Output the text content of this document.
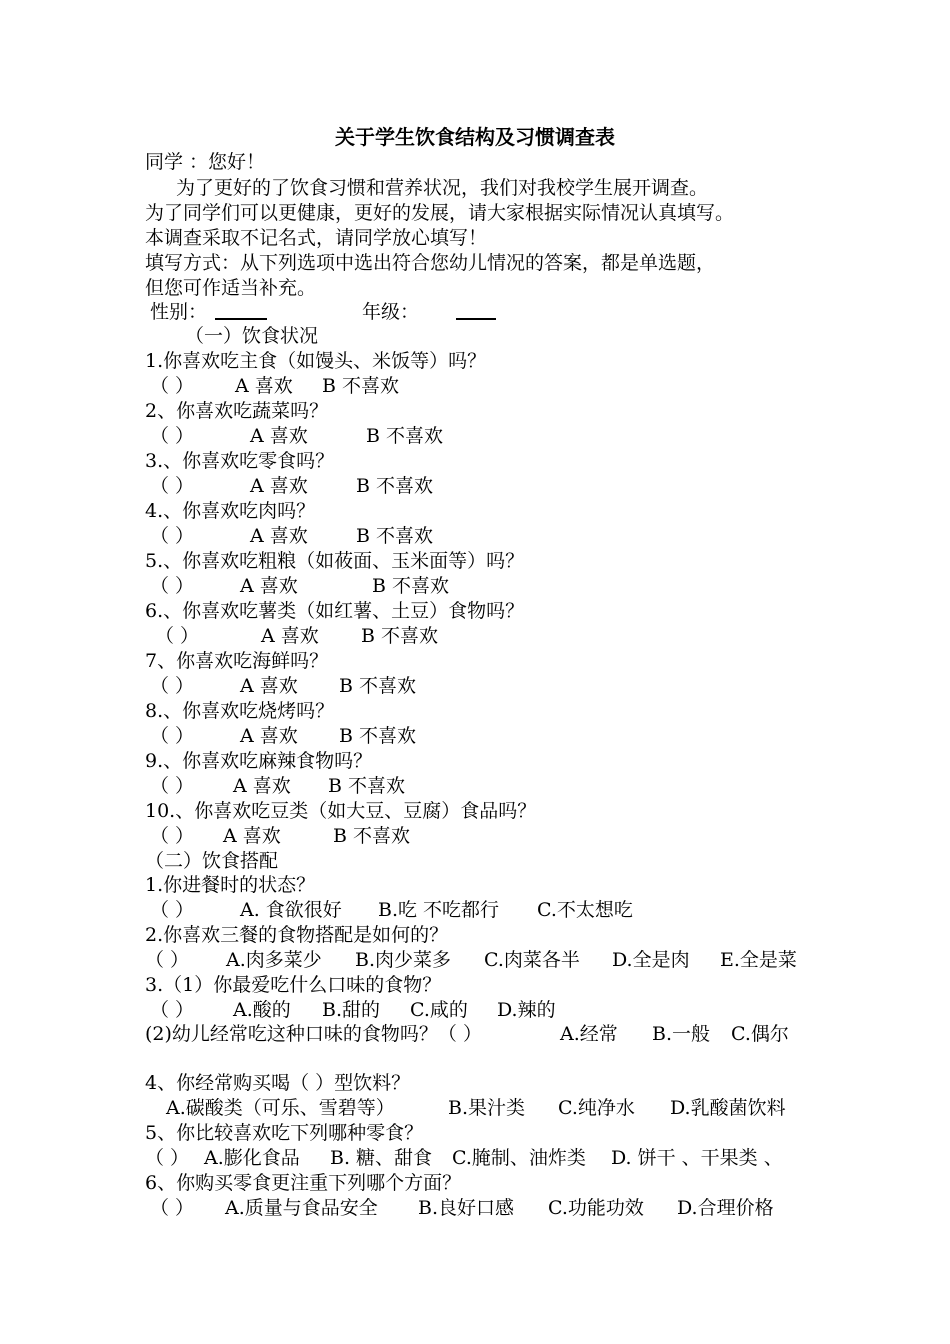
关于学生饮食结构及习惯调查表
同学 ：您好！
为了更好的了饮食习惯和营养状况，我们对我校学生展开调查。
为了同学们可以更健康，更好的发展，请大家根据实际情况认真填写。
本调查采取不记名式，请同学放心填写！
填写方式：从下列选项中选出符合您幼儿情况的答案，都是单选题，
但您可作适当补充。
性别：	年级：
（一）饮食状况
1.你喜欢吃主食（如馒头、米饭等）吗？
（ ） A 喜欢 B 不喜欢
2、你喜欢吃蔬菜吗？
（ ）	A 喜欢	B 不喜欢
3.、你喜欢吃零食吗？
（ ）	A 喜欢	B 不喜欢
4.、你喜欢吃肉吗？
（ ）	A 喜欢	B 不喜欢
5.、你喜欢吃粗粮（如莜面、玉米面等）吗？
（ ） A 喜欢	B 不喜欢
6.、你喜欢吃薯类（如红薯、土豆）食物吗？
（ ）	A 喜欢 B 不喜欢
7、你喜欢吃海鲜吗？
（ ） A 喜欢 B 不喜欢
8.、你喜欢吃烧烤吗？
（ ） A 喜欢 B 不喜欢
9.、你喜欢吃麻辣食物吗？
（ ） A 喜欢 B 不喜欢
10.、你喜欢吃豆类（如大豆、豆腐）食品吗？
（ ） A 喜欢	B 不喜欢
（二）饮食搭配
1.你进餐时的状态？
（ ） A. 食欲很好 B.吃 不吃都行 C.不太想吃
2.你喜欢三餐的食物搭配是如何的？
（ ） A.肉多菜少 B.肉少菜多 C.肉菜各半 D.全是肉 E.全是菜
3.（1）你最爱吃什么口味的食物？
（ ） A.酸的 B.甜的 C.咸的 D.辣的
(2)幼儿经常吃这种口味的食物吗？（ ）	A.经常 B.一般 C.偶尔
4、你经常购买喝（ ）型饮料？
A.碳酸类（可乐、雪碧等）	B.果汁类 C.纯净水 D.乳酸菌饮料
5、你比较喜欢吃下列哪种零食？
（ ） A.膨化食品 B. 糖、甜食 C.腌制、油炸类 D. 饼干 、干果类 、
6、你购买零食更注重下列哪个方面？
（ ） A.质量与食品安全 B.良好口感 C.功能功效 D.合理价格
